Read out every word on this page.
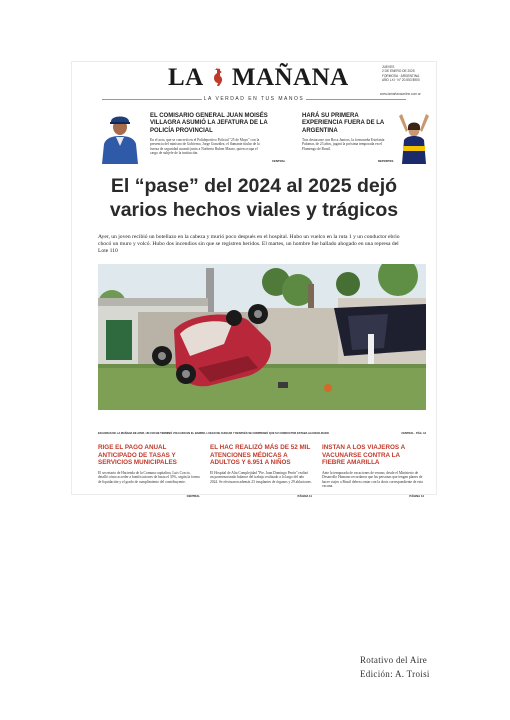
LA MAÑANA	JUEVES
2 DE ENERO DE 2025
FORMOSA · ARGENTINA
AÑO LXI · N° 20.553 $900
www.lamañanaonline.com.ar
LA VERDAD EN TUS MANOS
EL COMISARIO GENERAL JUAN MOISÉS VILLAGRA ASUMIÓ LA JEFATURA DE LA POLICÍA PROVINCIAL
En el acto, que se concretó en el Polideportivo Policial "25 de Mayo" con la presencia del ministro de Gobierno, Jorge González, el flamante titular de la fuerza de seguridad asumió junto a Norberto Ruben Mauro, quien ocupa el cargo de subjefe de la institución.
CENTRAL
HARÁ SU PRIMERA EXPERIENCIA FUERA DE LA ARGENTINA
Tras destacarse con Boca Juniors, la formoseña Estefanía Palomar, de 23 años, jugará la próxima temporada en el Flamengo de Brasil.
DEPORTES
El “pase” del 2024 al 2025 dejó varios hechos viales y trágicos
Ayer, un joven recibió un botellazo en la cabeza y murió poco después en el hospital. Hubo un vuelco en la ruta 1 y un conductor ebrio chocó un muro y volcó. Hubo dos incendios sin que se registren heridos. El martes, un hombre fue hallado ahogado en una represa del Lote 110
EN HORAS DE LA MAÑANA DE AYER, UN COCHE TERMINÓ VOLCADO EN EL BARRIO, LUEGO DE CHOCAR Y DESPUÉS SE COMPROBÓ QUE SU CONDUCTOR ESTABA ALCOHOLIZADO	CENTRAL · PÁG. 13
RIGE EL PAGO ANUAL ANTICIPADO DE TASAS Y SERVICIOS MUNICIPALES
El secretario de Hacienda de la Comuna capitalina, Luis Coscio, detalló cómo acceder a bonificaciones de hasta el 35%, según la forma de liquidación y el grado de cumplimiento del contribuyente.
CENTRAL
EL HAC REALIZÓ MÁS DE 52 MIL ATENCIONES MÉDICAS A ADULTOS Y 6.951 A NIÑOS
El Hospital de Alta Complejidad "Pte. Juan Domingo Perón" realizó un pormenorizado balance del trabajo realizado a lo largo del año 2024. Se efectuaron además 23 trasplantes de órganos y 29 ablaciones.
PÁGINA 11
INSTAN A LOS VIAJEROS A VACUNARSE CONTRA LA FIEBRE AMARILLA
Ante la temporada de vacaciones de verano, desde el Ministerio de Desarrollo Humano recordaron que las personas que tengan planes de hacer viajes a Brasil deben contar con la dosis correspondiente de esta vacuna.
PÁGINA 14
Rotativo del Aire
Edición: A. Troisi
